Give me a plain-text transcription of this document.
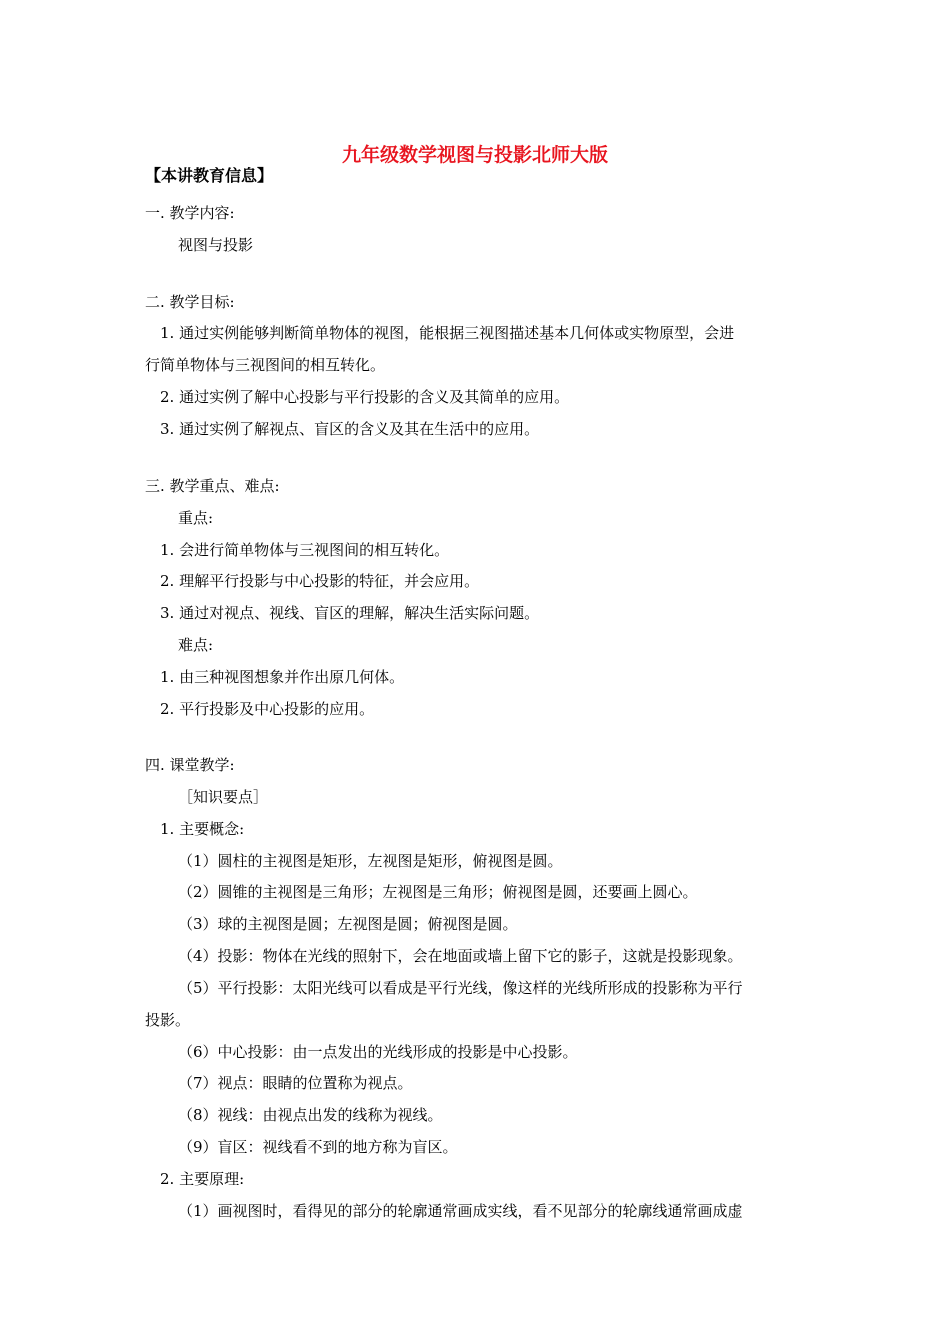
九年级数学视图与投影北师大版
【本讲教育信息】
一. 教学内容:
视图与投影
二. 教学目标:
1. 通过实例能够判断简单物体的视图，能根据三视图描述基本几何体或实物原型，会进
行简单物体与三视图间的相互转化。
2. 通过实例了解中心投影与平行投影的含义及其简单的应用。
3. 通过实例了解视点、盲区的含义及其在生活中的应用。
三. 教学重点、难点:
重点:
1. 会进行简单物体与三视图间的相互转化。
2. 理解平行投影与中心投影的特征，并会应用。
3. 通过对视点、视线、盲区的理解，解决生活实际问题。
难点:
1. 由三种视图想象并作出原几何体。
2. 平行投影及中心投影的应用。
四. 课堂教学:
［知识要点］
1. 主要概念:
（1）圆柱的主视图是矩形，左视图是矩形，俯视图是圆。
（2）圆锥的主视图是三角形；左视图是三角形；俯视图是圆，还要画上圆心。
（3）球的主视图是圆；左视图是圆；俯视图是圆。
（4）投影：物体在光线的照射下，会在地面或墙上留下它的影子，这就是投影现象。
（5）平行投影：太阳光线可以看成是平行光线，像这样的光线所形成的投影称为平行
投影。
（6）中心投影：由一点发出的光线形成的投影是中心投影。
（7）视点：眼睛的位置称为视点。
（8）视线：由视点出发的线称为视线。
（9）盲区：视线看不到的地方称为盲区。
2. 主要原理:
（1）画视图时，看得见的部分的轮廓通常画成实线，看不见部分的轮廓线通常画成虚
